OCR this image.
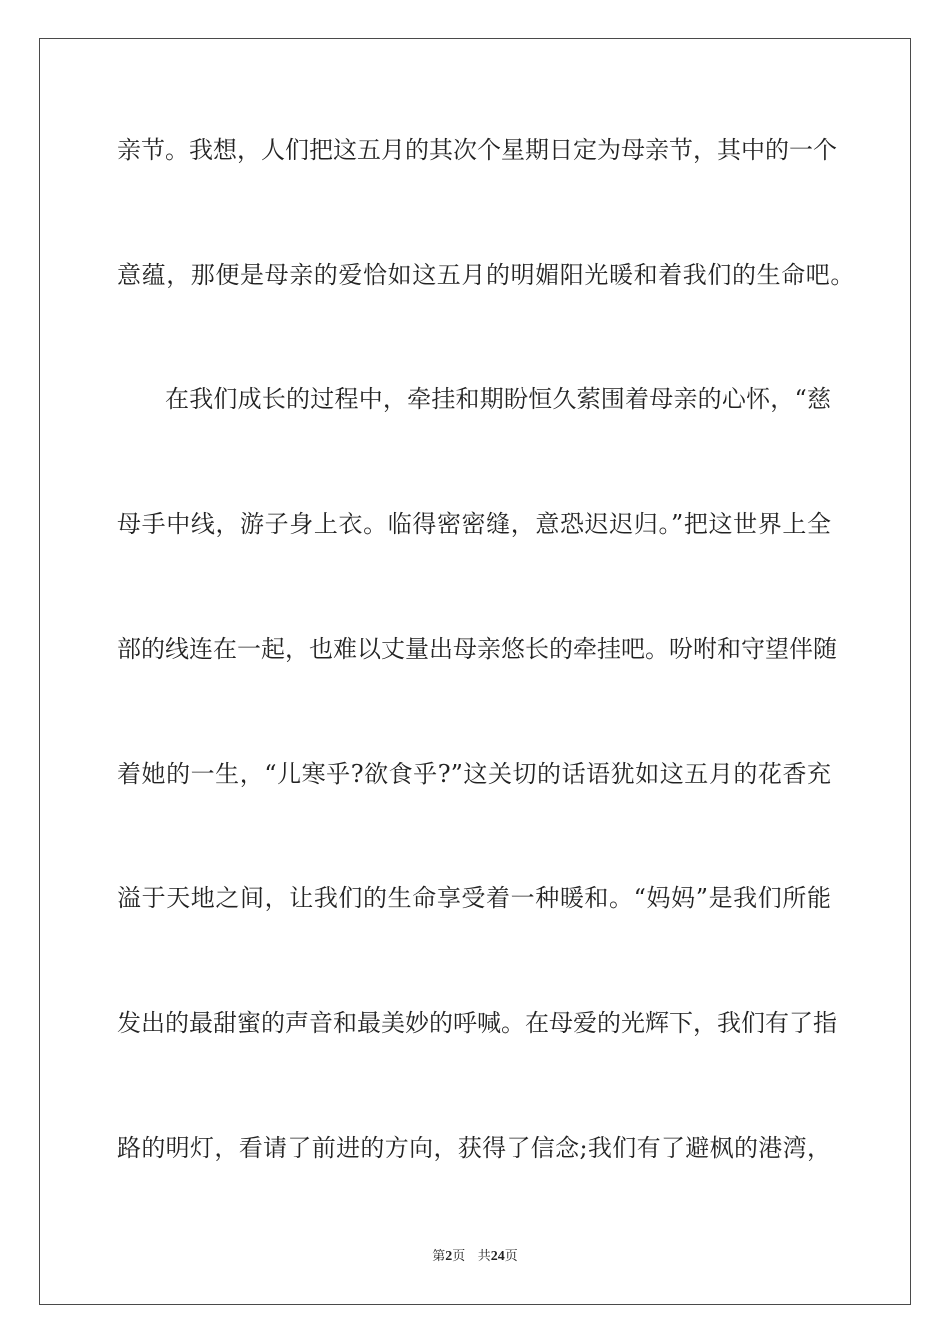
亲节。我想，人们把这五月的其次个星期日定为母亲节，其中的一个
意蕴，那便是母亲的爱恰如这五月的明媚阳光暖和着我们的生命吧。
在我们成长的过程中，牵挂和期盼恒久萦围着母亲的心怀，“慈
母手中线，游子身上衣。临得密密缝，意恐迟迟归。”把这世界上全
部的线连在一起，也难以丈量出母亲悠长的牵挂吧。吩咐和守望伴随
着她的一生，“儿寒乎?欲食乎?”这关切的话语犹如这五月的花香充
溢于天地之间，让我们的生命享受着一种暖和。“妈妈”是我们所能
发出的最甜蜜的声音和最美妙的呼喊。在母爱的光辉下，我们有了指
路的明灯，看请了前进的方向，获得了信念;我们有了避枫的港湾，
第2页 共24页
